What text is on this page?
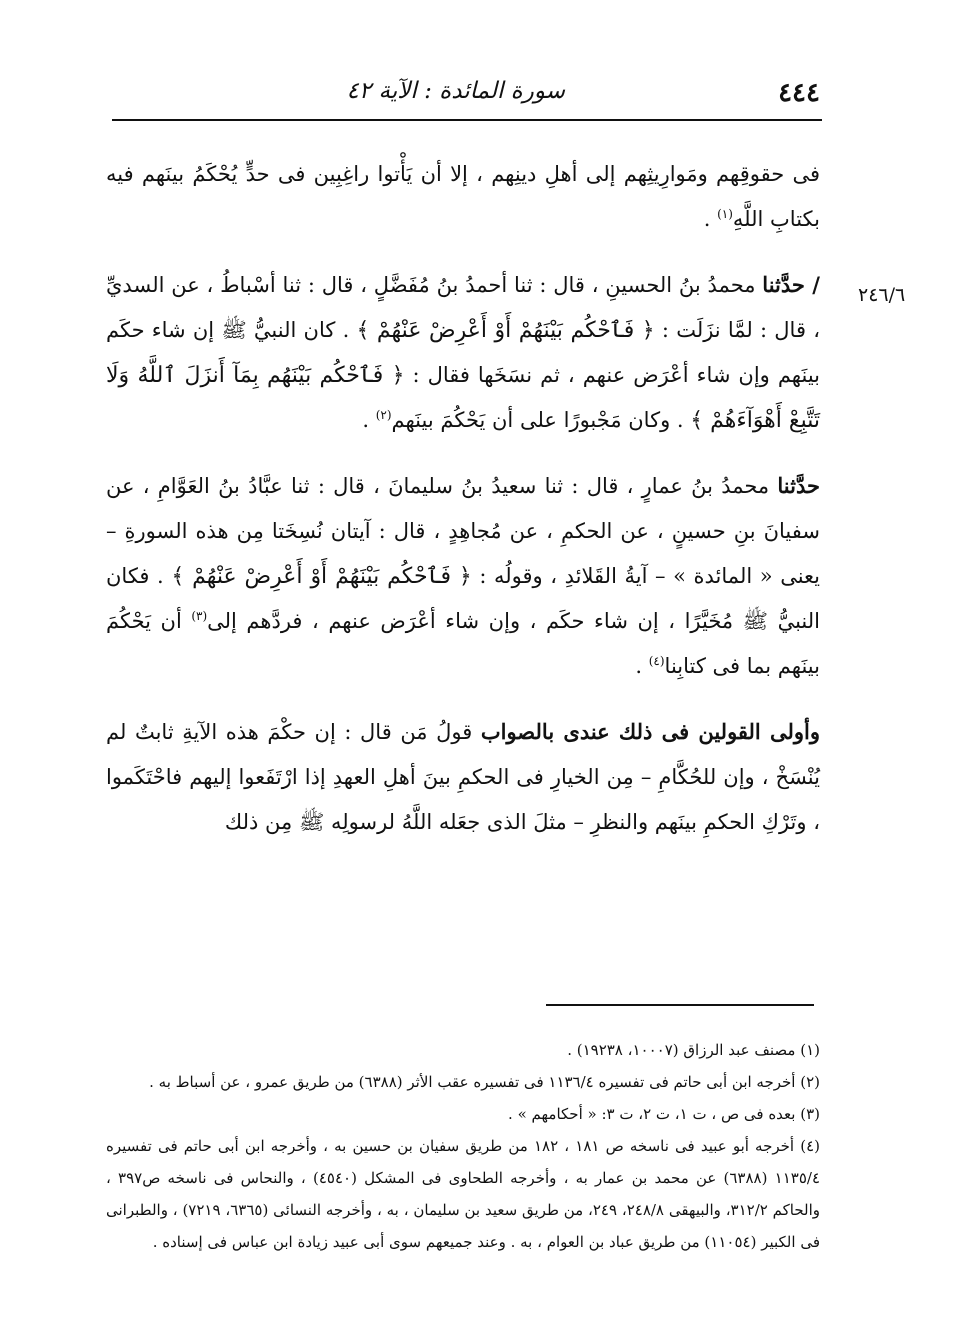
٤٤٤
سورة المائدة : الآية ٤٢
٢٤٦/٦

فى حقوقِهم ومَوارِيثِهم إلى أهلِ دينِهم ، إلا أن يَأْتوا راغِبِين فى حدٍّ يُحْكَمُ بينَهم فيه بكتابِ اللَّهِ$^{(١)}$ .

/ حدَّثنا محمدُ بنُ الحسينِ ، قال : ثنا أحمدُ بنُ مُفَضَّلٍ ، قال : ثنا أسْباطُ ، عن السديِّ ، قال : لمَّا نزَلَت : ﴿ فَٱحْكُم بَيْنَهُمْ أَوْ أَعْرِضْ عَنْهُمْ ﴾ . كان النبيُّ ﷺ إن شاء حكَم بينَهم وإن شاء أعْرَض عنهم ، ثم نسَخَها فقال : ﴿ فَٱحْكُم بَيْنَهُم بِمَآ أَنزَلَ ٱللَّهُ وَلَا تَتَّبِعْ أَهْوَآءَهُمْ ﴾ . وكان مَجْبورًا على أن يَحْكُمَ بينَهم$^{(٢)}$ .

حدَّثنا محمدُ بنُ عمارٍ ، قال : ثنا سعيدُ بنُ سليمانَ ، قال : ثنا عبَّادُ بنُ العَوَّامِ ، عن سفيانَ بنِ حسينٍ ، عن الحكمِ ، عن مُجاهِدٍ ، قال : آيتان نُسِخَتا مِن هذه السورةِ – يعنى « المائدة » – آيةُ القَلائدِ ، وقولُه : ﴿ فَٱحْكُم بَيْنَهُمْ أَوْ أَعْرِضْ عَنْهُمْ ﴾ . فكان النبيُّ ﷺ مُخَيَّرًا ، إن شاء حكَم ، وإن شاء أعْرَض عنهم ، فردَّهم إلى$^{(٣)}$ أن يَحْكُمَ بينَهم بما فى كتابِنا$^{(٤)}$ .

وأولى القولين فى ذلك عندى بالصواب قولُ مَن قال : إن حكْمَ هذه الآيةِ ثابتٌ لم يُنْسَخْ ، وإن للحُكَّامِ – مِن الخيارِ فى الحكمِ بينَ أهلِ العهدِ إذا ارْتَفَعوا إليهم فاحْتَكَموا ، وتَرْكِ الحكمِ بينَهم والنظرِ – مثلَ الذى جعَله اللَّهُ لرسولِه ﷺ مِن ذلك

(١) مصنف عبد الرزاق (١٠٠٠٧، ١٩٢٣٨) .

(٢) أخرجه ابن أبى حاتم فى تفسيره ١١٣٦/٤ فى تفسيره عقب الأثر (٦٣٨٨) من طريق عمرو ، عن أسباط به .

(٣) بعده فى ص ، ت ١، ت ٢، ت ٣: « أحكامهم » .

(٤) أخرجه أبو عبيد فى ناسخه ص ١٨١ ، ١٨٢ من طريق سفيان بن حسين به ، وأخرجه ابن أبى حاتم فى تفسيره ١١٣٥/٤ (٦٣٨٨) عن محمد بن عمار به ، وأخرجه الطحاوى فى المشكل (٤٥٤٠) ، والنحاس فى ناسخه ص٣٩٧ ، والحاكم ٣١٢/٢، والبيهقى ٢٤٨/٨، ٢٤٩، من طريق سعيد بن سليمان ، به ، وأخرجه النسائى (٦٣٦٥، ٧٢١٩) ، والطبرانى فى الكبير (١١٠٥٤) من طريق عباد بن العوام ، به . وعند جميعهم سوى أبى عبيد زيادة ابن عباس فى إسناده .
